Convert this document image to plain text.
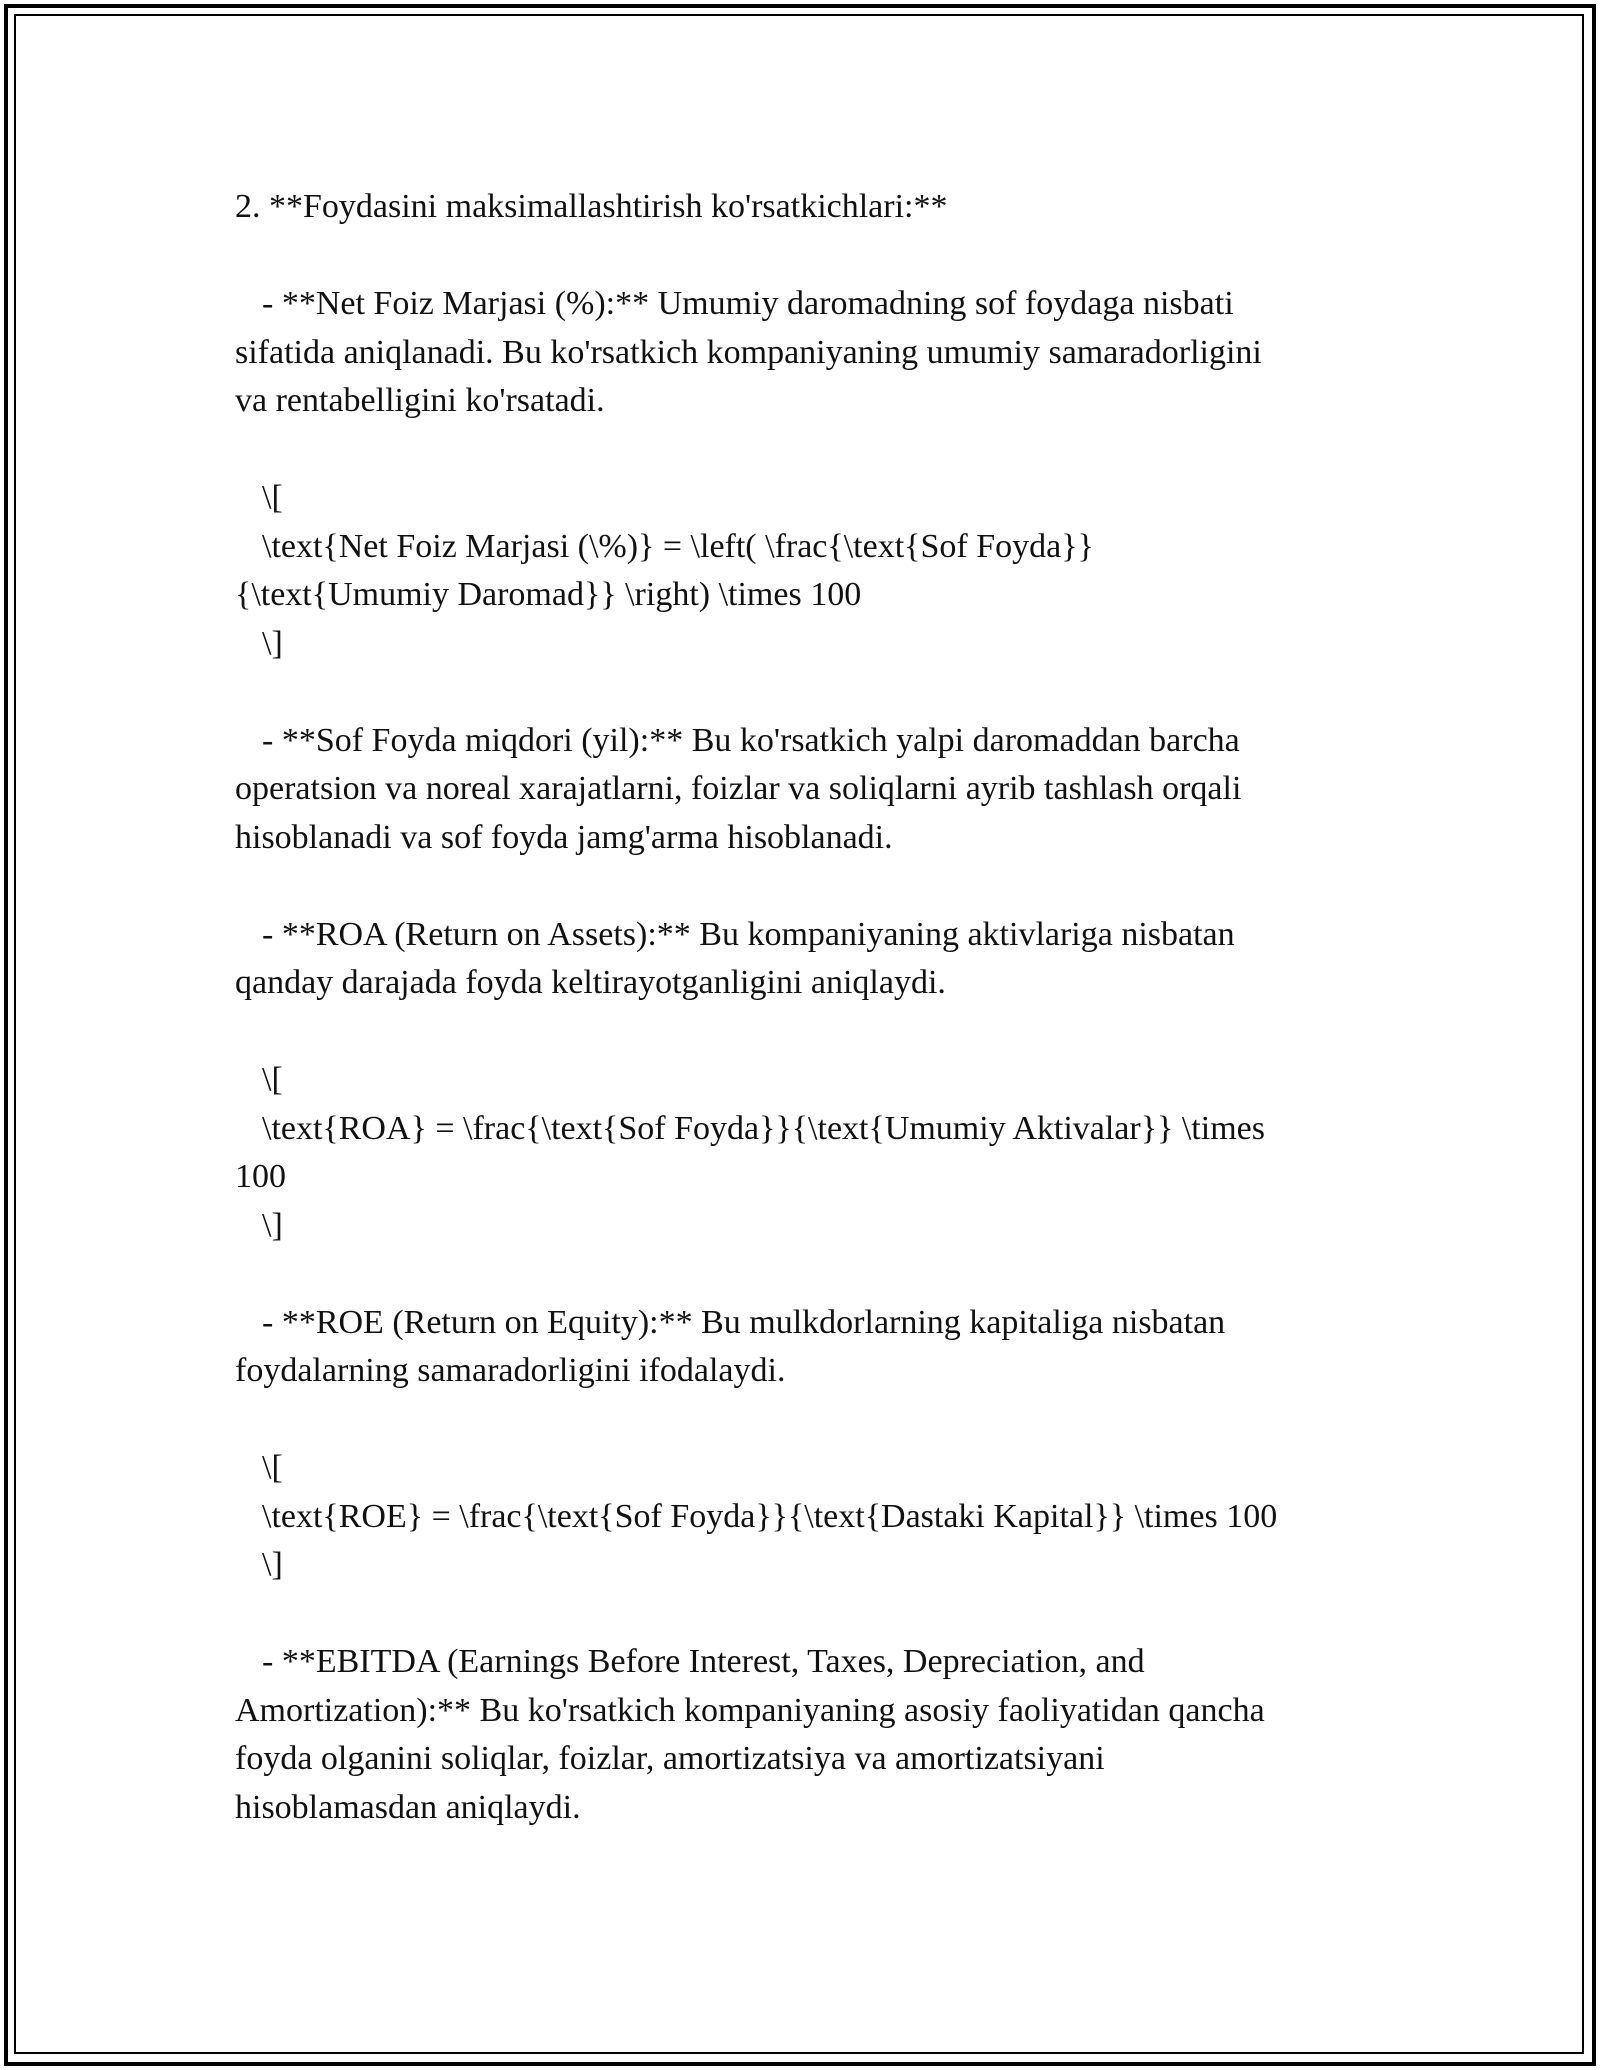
2. **Foydasini maksimallashtirish ko'rsatkichlari:**
- **Net Foiz Marjasi (%):** Umumiy daromadning sof foydaga nisbati
sifatida aniqlanadi. Bu ko'rsatkich kompaniyaning umumiy samaradorligini
va rentabelligini ko'rsatadi.
\[
\text{Net Foiz Marjasi (\%)} = \left( \frac{\text{Sof Foyda}}
{\text{Umumiy Daromad}} \right) \times 100
\]
- **Sof Foyda miqdori (yil):** Bu ko'rsatkich yalpi daromaddan barcha
operatsion va noreal xarajatlarni, foizlar va soliqlarni ayrib tashlash orqali
hisoblanadi va sof foyda jamg'arma hisoblanadi.
- **ROA (Return on Assets):** Bu kompaniyaning aktivlariga nisbatan
qanday darajada foyda keltirayotganligini aniqlaydi.
\[
\text{ROA} = \frac{\text{Sof Foyda}}{\text{Umumiy Aktivalar}} \times
100
\]
- **ROE (Return on Equity):** Bu mulkdorlarning kapitaliga nisbatan
foydalarning samaradorligini ifodalaydi.
\[
\text{ROE} = \frac{\text{Sof Foyda}}{\text{Dastaki Kapital}} \times 100
\]
- **EBITDA (Earnings Before Interest, Taxes, Depreciation, and
Amortization):** Bu ko'rsatkich kompaniyaning asosiy faoliyatidan qancha
foyda olganini soliqlar, foizlar, amortizatsiya va amortizatsiyani
hisoblamasdan aniqlaydi.
